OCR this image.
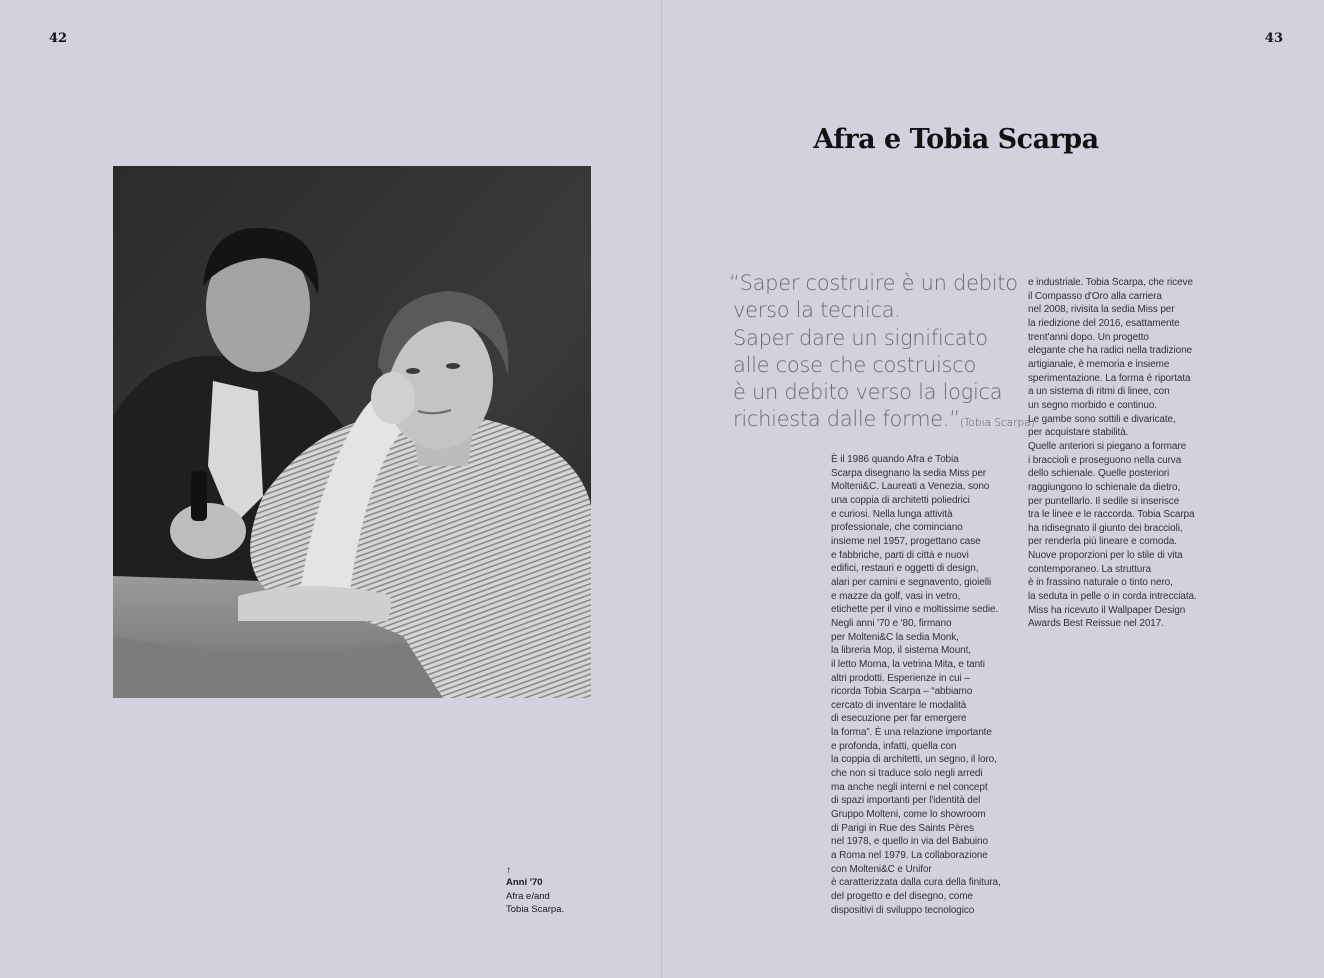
42	43
↑
Anni '70
Afra e/and
Tobia Scarpa.
Afra e Tobia Scarpa
“Saper costruire è un debito
verso la tecnica.
Saper dare un significato
alle cose che costruisco
è un debito verso la logica
richiesta dalle forme.”(Tobia Scarpa)
È il 1986 quando Afra e Tobia
Scarpa disegnano la sedia Miss per
Molteni&C. Laureati a Venezia, sono
una coppia di architetti poliedrici
e curiosi. Nella lunga attività
professionale, che cominciano
insieme nel 1957, progettano case
e fabbriche, parti di città e nuovi
edifici, restauri e oggetti di design,
alari per camini e segnavento, gioielli
e mazze da golf, vasi in vetro,
etichette per il vino e moltissime sedie.
Negli anni '70 e '80, firmano
per Molteni&C la sedia Monk,
la libreria Mop, il sistema Mount,
il letto Morna, la vetrina Mita, e tanti
altri prodotti. Esperienze in cui –
ricorda Tobia Scarpa – “abbiamo
cercato di inventare le modalità
di esecuzione per far emergere
la forma”. È una relazione importante
e profonda, infatti, quella con
la coppia di architetti, un segno, il loro,
che non si traduce solo negli arredi
ma anche negli interni e nel concept
di spazi importanti per l'identità del
Gruppo Molteni, come lo showroom
di Parigi in Rue des Saints Pères
nel 1978, e quello in via del Babuino
a Roma nel 1979. La collaborazione
con Molteni&C e Unifor
è caratterizzata dalla cura della finitura,
del progetto e del disegno, come
dispositivi di sviluppo tecnologico
e industriale. Tobia Scarpa, che riceve
il Compasso d'Oro alla carriera
nel 2008, rivisita la sedia Miss per
la riedizione del 2016, esattamente
trent'anni dopo. Un progetto
elegante che ha radici nella tradizione
artigianale, è memoria e insieme
sperimentazione. La forma è riportata
a un sistema di ritmi di linee, con
un segno morbido e continuo.
Le gambe sono sottili e divaricate,
per acquistare stabilità.
Quelle anteriori si piegano a formare
i braccioli e proseguono nella curva
dello schienale. Quelle posteriori
raggiungono lo schienale da dietro,
per puntellarlo. Il sedile si inserisce
tra le linee e le raccorda. Tobia Scarpa
ha ridisegnato il giunto dei braccioli,
per renderla più lineare e comoda.
Nuove proporzioni per lo stile di vita
contemporaneo. La struttura
è in frassino naturale o tinto nero,
la seduta in pelle o in corda intrecciata.
Miss ha ricevuto il Wallpaper Design
Awards Best Reissue nel 2017.
